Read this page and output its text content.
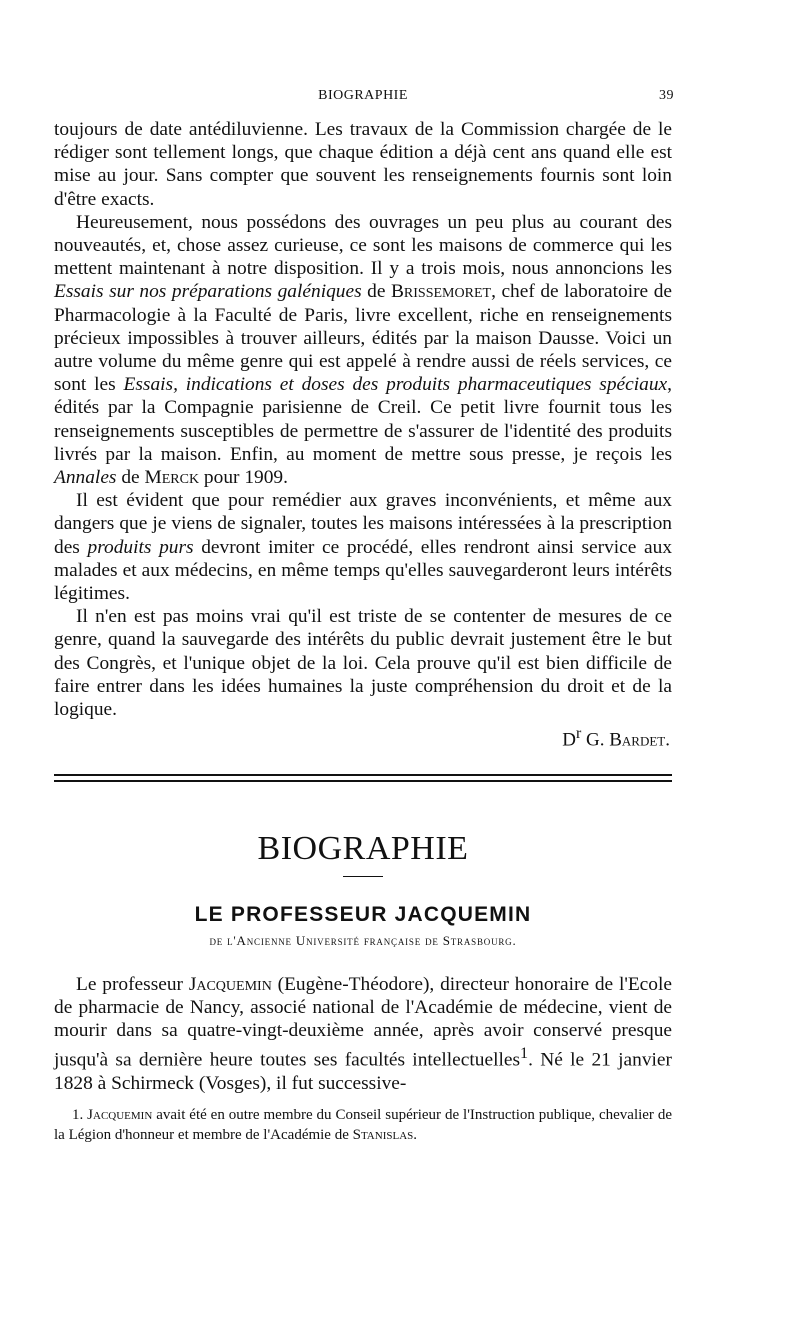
BIOGRAPHIE	39

toujours de date antédiluvienne. Les travaux de la Commission chargée de le rédiger sont tellement longs, que chaque édition a déjà cent ans quand elle est mise au jour. Sans compter que souvent les renseignements fournis sont loin d'être exacts.

Heureusement, nous possédons des ouvrages un peu plus au courant des nouveautés, et, chose assez curieuse, ce sont les maisons de commerce qui les mettent maintenant à notre disposition. Il y a trois mois, nous annoncions les Essais sur nos préparations galéniques de Brissemoret, chef de laboratoire de Pharmacologie à la Faculté de Paris, livre excellent, riche en renseignements précieux impossibles à trouver ailleurs, édités par la maison Dausse. Voici un autre volume du même genre qui est appelé à rendre aussi de réels services, ce sont les Essais, indications et doses des produits pharmaceutiques spéciaux, édités par la Compagnie parisienne de Creil. Ce petit livre fournit tous les renseignements susceptibles de permettre de s'assurer de l'identité des produits livrés par la maison. Enfin, au moment de mettre sous presse, je reçois les Annales de Merck pour 1909.

Il est évident que pour remédier aux graves inconvénients, et même aux dangers que je viens de signaler, toutes les maisons intéressées à la prescription des produits purs devront imiter ce procédé, elles rendront ainsi service aux malades et aux médecins, en même temps qu'elles sauvegarderont leurs intérêts légitimes.

Il n'en est pas moins vrai qu'il est triste de se contenter de mesures de ce genre, quand la sauvegarde des intérêts du public devrait justement être le but des Congrès, et l'unique objet de la loi. Cela prouve qu'il est bien difficile de faire entrer dans les idées humaines la juste compréhension du droit et de la logique.

$D^r$ G. Bardet.
BIOGRAPHIE
LE PROFESSEUR JACQUEMIN
de l'Ancienne Université française de Strasbourg.

Le professeur Jacquemin (Eugène-Théodore), directeur honoraire de l'Ecole de pharmacie de Nancy, associé national de l'Académie de médecine, vient de mourir dans sa quatre-vingt-deuxième année, après avoir conservé presque jusqu'à sa dernière heure toutes ses facultés intellectuelles$^1$. Né le 21 janvier 1828 à Schirmeck (Vosges), il fut successive-

1. Jacquemin avait été en outre membre du Conseil supérieur de l'Instruction publique, chevalier de la Légion d'honneur et membre de l'Académie de Stanislas.
